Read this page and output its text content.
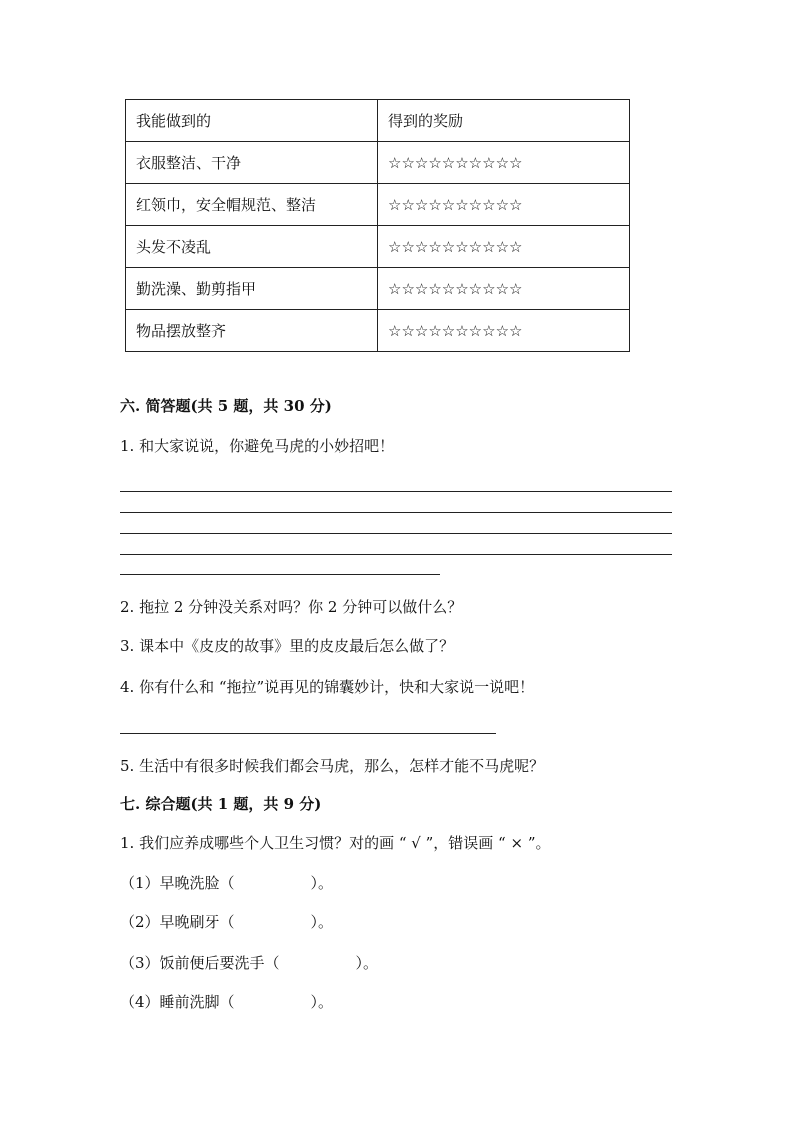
我能做到的	得到的奖励
衣服整洁、干净	☆☆☆☆☆☆☆☆☆☆
红领巾，安全帽规范、整洁	☆☆☆☆☆☆☆☆☆☆
头发不凌乱	☆☆☆☆☆☆☆☆☆☆
勤洗澡、勤剪指甲	☆☆☆☆☆☆☆☆☆☆
物品摆放整齐	☆☆☆☆☆☆☆☆☆☆
六. 简答题(共 5 题，共 30 分)
1. 和大家说说，你避免马虎的小妙招吧！
2. 拖拉 2 分钟没关系对吗？你 2 分钟可以做什么？
3. 课本中《皮皮的故事》里的皮皮最后怎么做了？
4. 你有什么和 “拖拉”说再见的锦囊妙计，快和大家说一说吧！
5. 生活中有很多时候我们都会马虎，那么，怎样才能不马虎呢？
七. 综合题(共 1 题，共 9 分)
1. 我们应养成哪些个人卫生习惯？对的画 “ √ ”，错误画 “ × ”。
（1）早晚洗脸（	）。
（2）早晚刷牙（	）。
（3）饭前便后要洗手（	）。
（4）睡前洗脚（	）。
